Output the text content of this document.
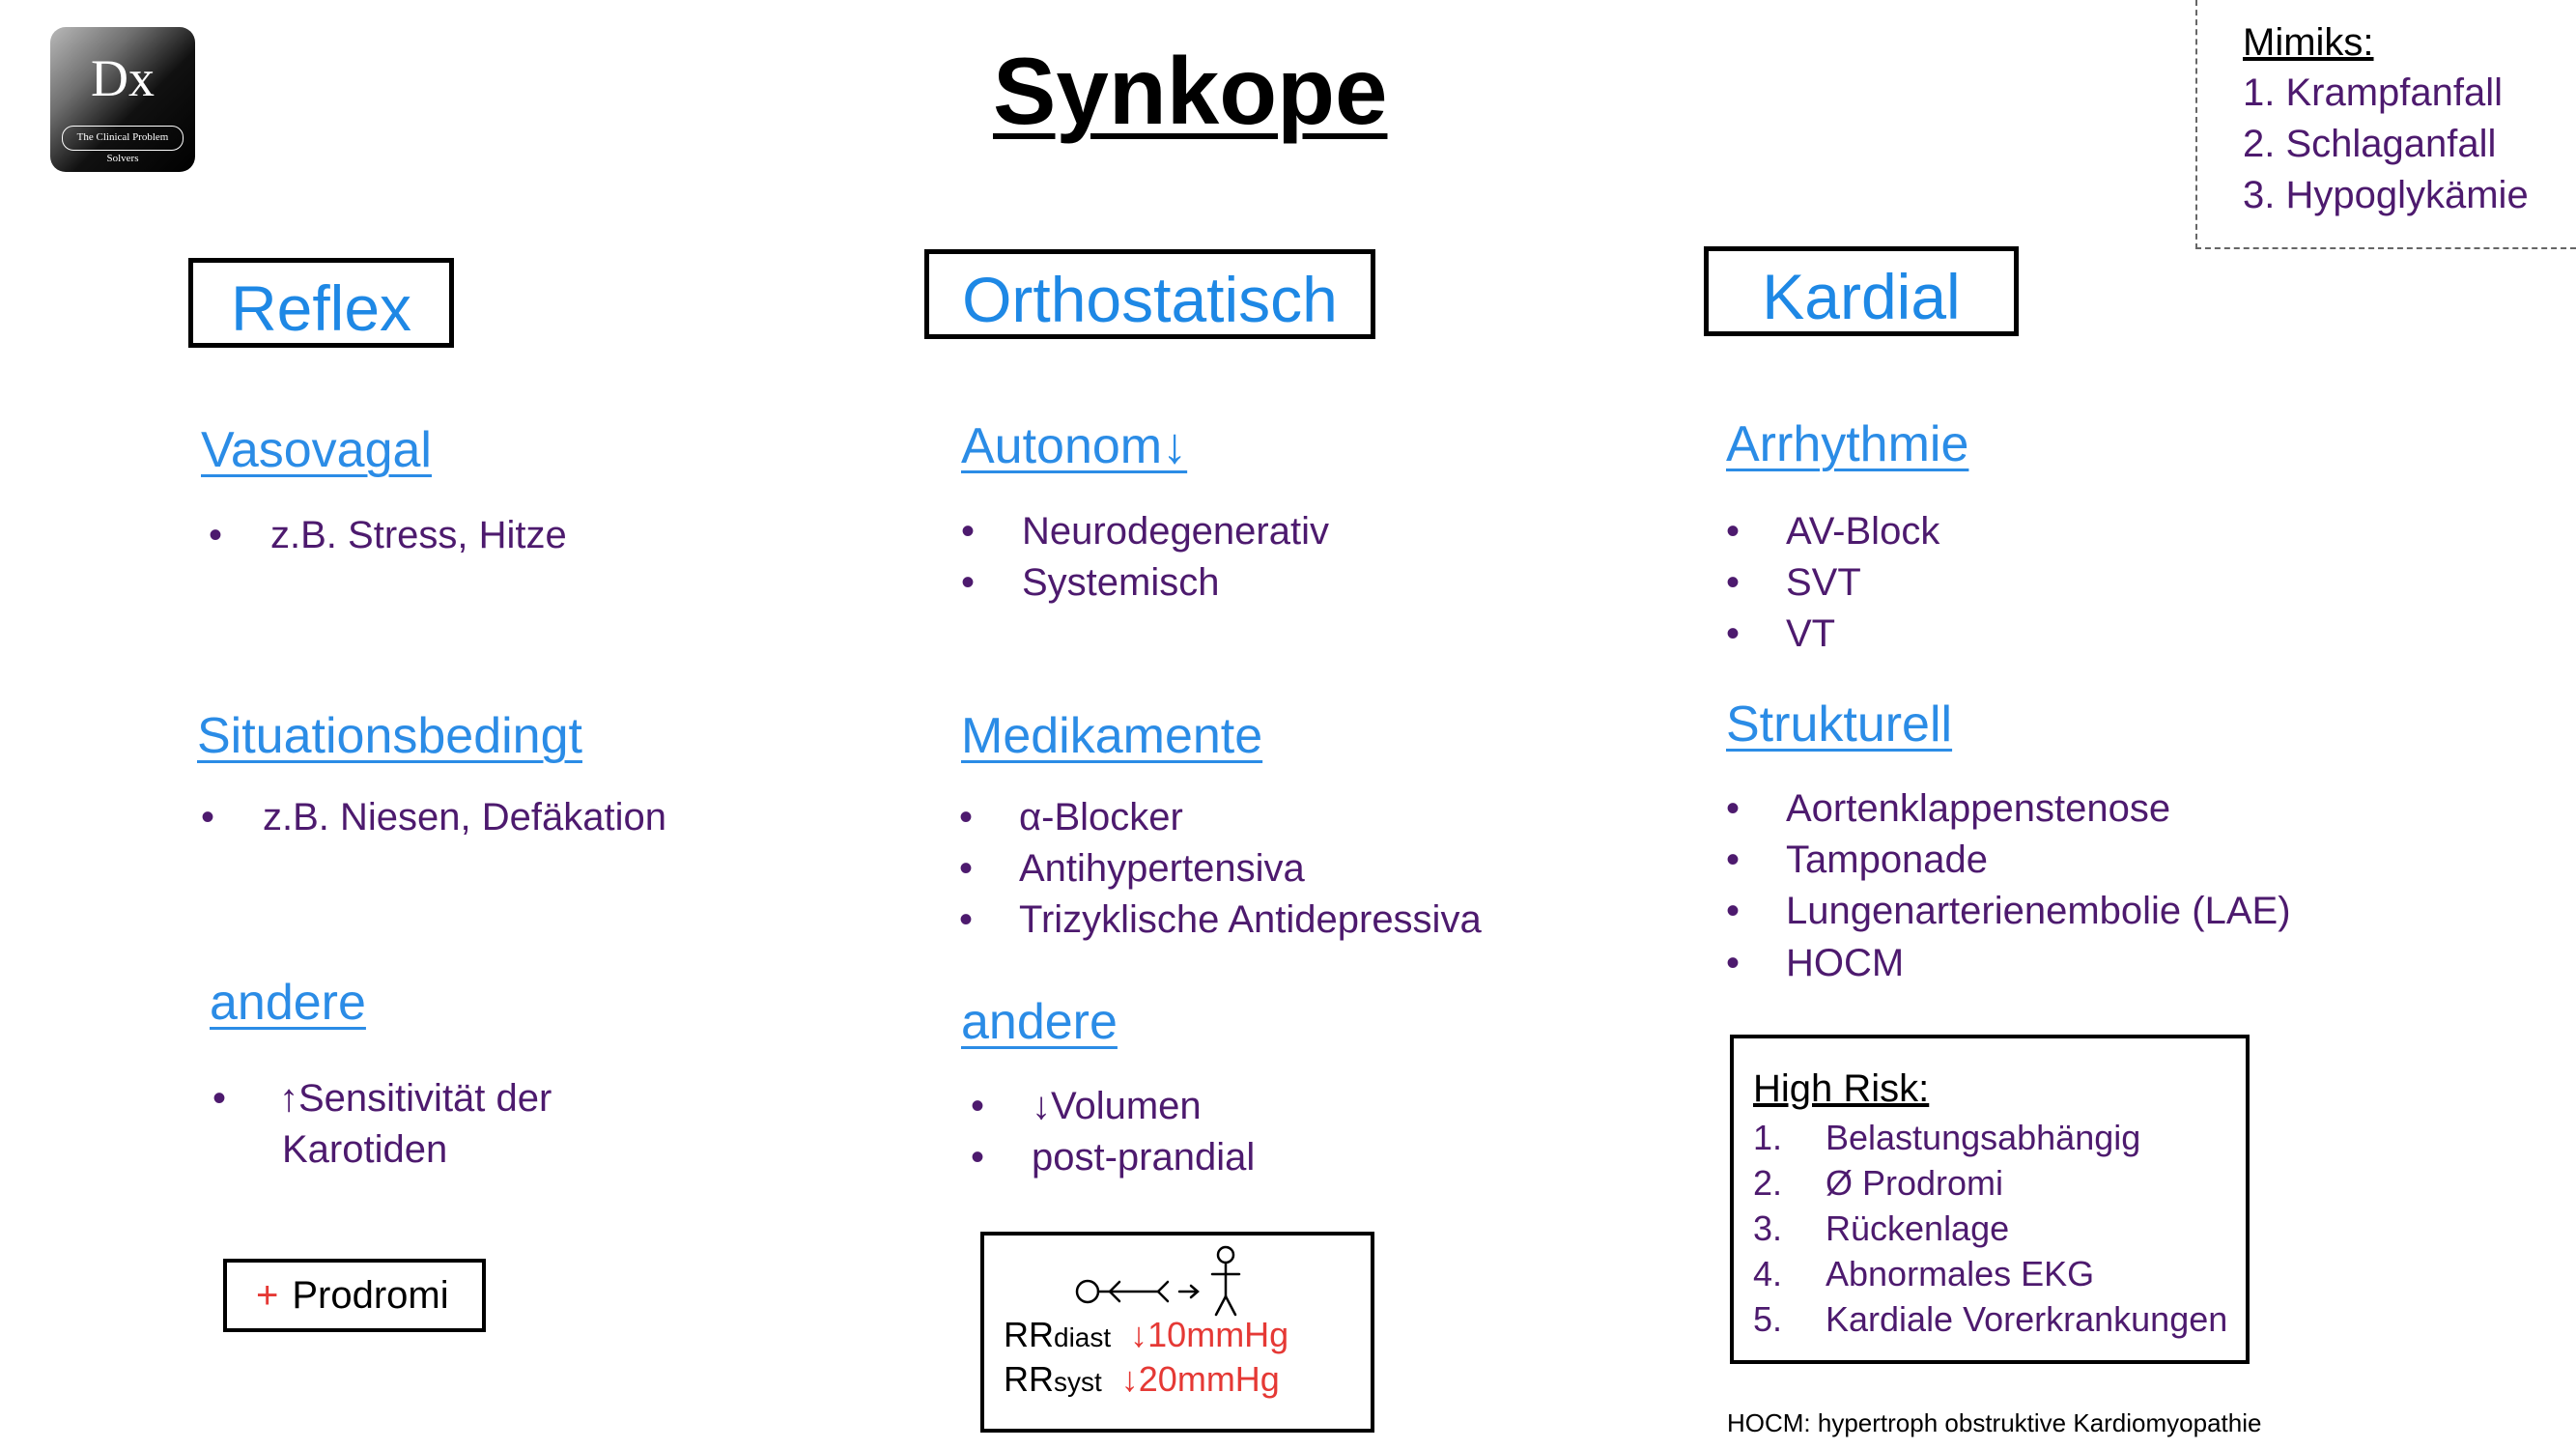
Dx
The Clinical Problem Solvers
Synkope	Mimiks:
1. Krampfanfall
2. Schlaganfall
3. Hypoglykämie
Reflex	Orthostatisch	Kardial
Vasovagal
• z.B. Stress, Hitze
Situationsbedingt
• z.B. Niesen, Defäkation
andere
• ↑Sensitivität der
Karotiden
+ Prodromi
Autonom↓
• Neurodegenerativ
• Systemisch
Medikamente
• α-Blocker
• Antihypertensiva
• Trizyklische Antidepressiva
andere
• ↓Volumen
• post-prandial
RRdiast ↓10mmHg
RRsyst ↓20mmHg
Arrhythmie
• AV-Block
• SVT
• VT
Strukturell
• Aortenklappenstenose
• Tamponade
• Lungenarterienembolie (LAE)
• HOCM
High Risk:
1. Belastungsabhängig
2. Ø Prodromi
3. Rückenlage
4. Abnormales EKG
5. Kardiale Vorerkrankungen
HOCM: hypertroph obstruktive Kardiomyopathie
